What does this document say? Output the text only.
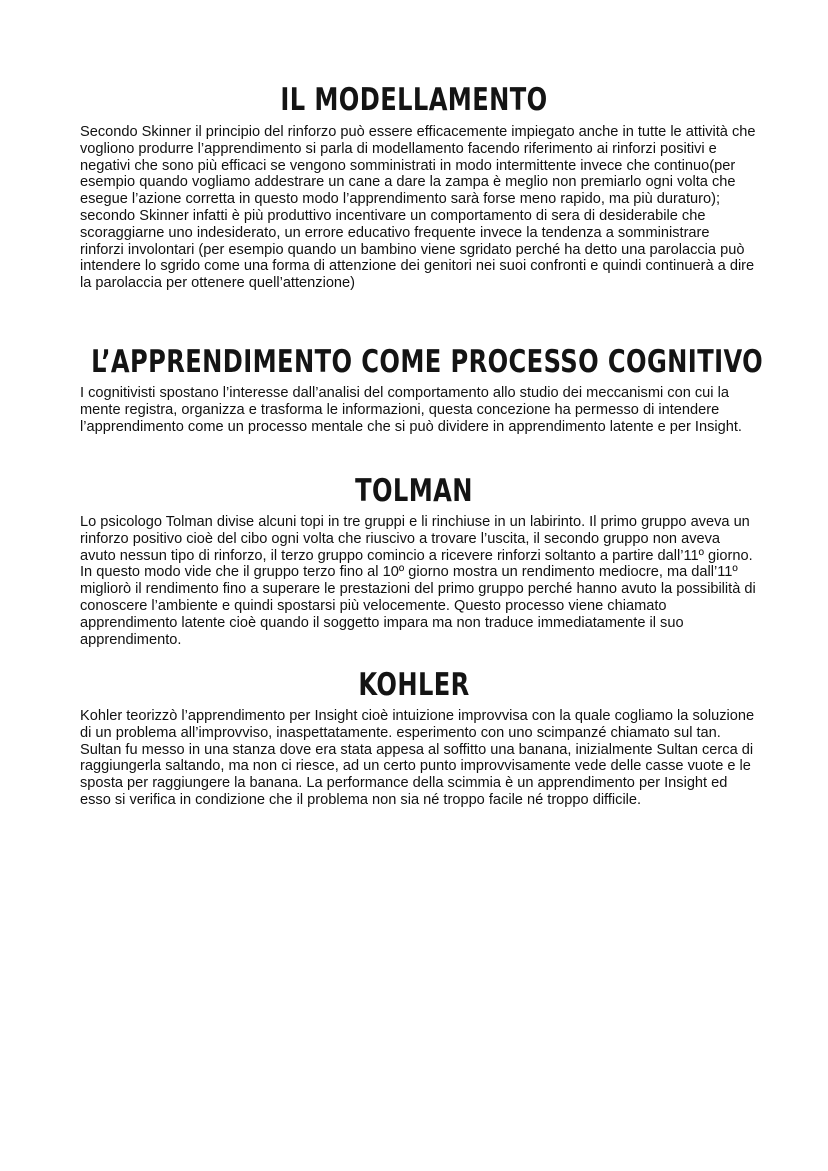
IL MODELLAMENTO

Secondo Skinner il principio del rinforzo può essere efficacemente impiegato anche in tutte le attività che vogliono produrre l’apprendimento si parla di modellamento facendo riferimento ai rinforzi positivi e negativi che sono più efficaci se vengono somministrati in modo intermittente invece che continuo(per esempio quando vogliamo addestrare un cane a dare la zampa è meglio non premiarlo ogni volta che esegue l’azione corretta in questo modo l’apprendimento sarà forse meno rapido, ma più duraturo); secondo Skinner infatti è più produttivo incentivare un comportamento di sera di desiderabile che scoraggiarne uno indesiderato, un errore educativo frequente invece la tendenza a somministrare rinforzi involontari (per esempio quando un bambino viene sgridato perché ha detto una parolaccia può intendere lo sgrido come una forma di attenzione dei genitori nei suoi confronti e quindi continuerà a dire la parolaccia per ottenere quell’attenzione)

L’APPRENDIMENTO COME PROCESSO COGNITIVO

I cognitivisti spostano l’interesse dall’analisi del comportamento allo studio dei meccanismi con cui la mente registra, organizza e trasforma le informazioni, questa concezione ha permesso di intendere l’apprendimento come un processo mentale che si può dividere in apprendimento latente e per Insight.

TOLMAN

Lo psicologo Tolman divise alcuni topi in tre gruppi e li rinchiuse in un labirinto. Il primo gruppo aveva un rinforzo positivo cioè del cibo ogni volta che riuscivo a trovare l’uscita, il secondo gruppo non aveva avuto nessun tipo di rinforzo, il terzo gruppo comincio a ricevere rinforzi soltanto a partire dall’11º giorno. In questo modo vide che il gruppo terzo fino al 10º giorno mostra un rendimento mediocre, ma dall’11º migliorò il rendimento fino a superare le prestazioni del primo gruppo perché hanno avuto la possibilità di conoscere l’ambiente e quindi spostarsi più velocemente. Questo processo viene chiamato apprendimento latente cioè quando il soggetto impara ma non traduce immediatamente il suo apprendimento.

KOHLER

Kohler teorizzò l’apprendimento per Insight cioè intuizione improvvisa con la quale cogliamo la soluzione di un problema all’improvviso, inaspettatamente. esperimento con uno scimpanzé chiamato sul tan. Sultan fu messo in una stanza dove era stata appesa al soffitto una banana, inizialmente Sultan cerca di raggiungerla saltando, ma non ci riesce, ad un certo punto improvvisamente vede delle casse vuote e le sposta per raggiungere la banana. La performance della scimmia è un apprendimento per Insight ed esso si verifica in condizione che il problema non sia né troppo facile né troppo difficile.
